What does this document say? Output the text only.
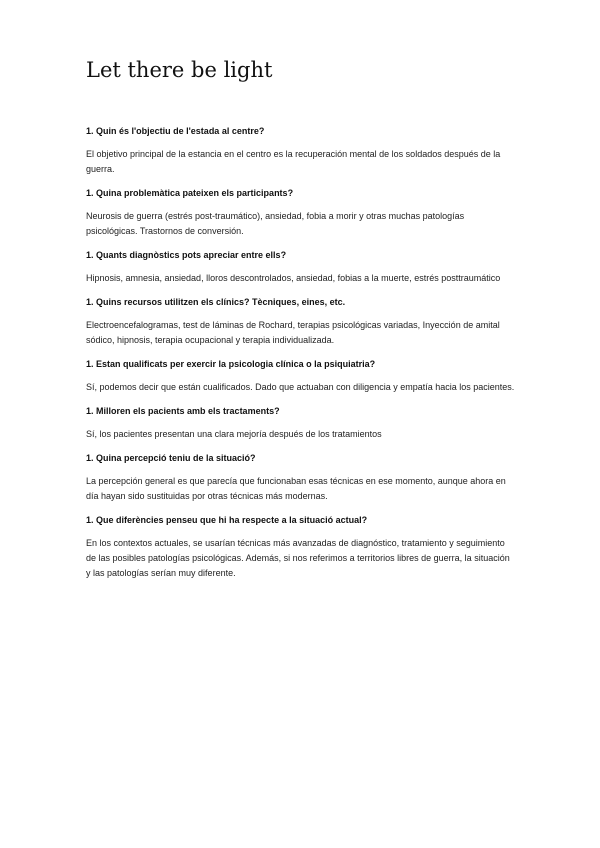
Let there be light

1. Quin és l'objectiu de l'estada al centre?

El objetivo principal de la estancia en el centro es la recuperación mental de los soldados después de la guerra.

1. Quina problemàtica pateixen els participants?

Neurosis de guerra (estrés post-traumático), ansiedad, fobia a morir y otras muchas patologías psicológicas. Trastornos de conversión.

1. Quants diagnòstics pots apreciar entre ells?

Hipnosis, amnesia, ansiedad, lloros descontrolados, ansiedad, fobias a la muerte, estrés posttraumático

1. Quins recursos utilitzen els clínics? Tècniques, eines, etc.

Electroencefalogramas, test de láminas de Rochard, terapias psicológicas variadas, Inyección de amital sódico, hipnosis, terapia ocupacional y terapia individualizada.

1. Estan qualificats per exercir la psicologia clínica o la psiquiatria?

Sí, podemos decir que están cualificados. Dado que actuaban con diligencia y empatía hacia los pacientes.

1. Milloren els pacients amb els tractaments?

Sí, los pacientes presentan una clara mejoría después de los tratamientos

1. Quina percepció teniu de la situació?

La percepción general es que parecía que funcionaban esas técnicas en ese momento, aunque ahora en día hayan sido sustituidas por otras técnicas más modernas.

1. Que diferències penseu que hi ha respecte a la situació actual?

En los contextos actuales, se usarían técnicas más avanzadas de diagnóstico, tratamiento y seguimiento de las posibles patologías psicológicas. Además, si nos referimos a territorios libres de guerra, la situación y las patologías serían muy diferente.
